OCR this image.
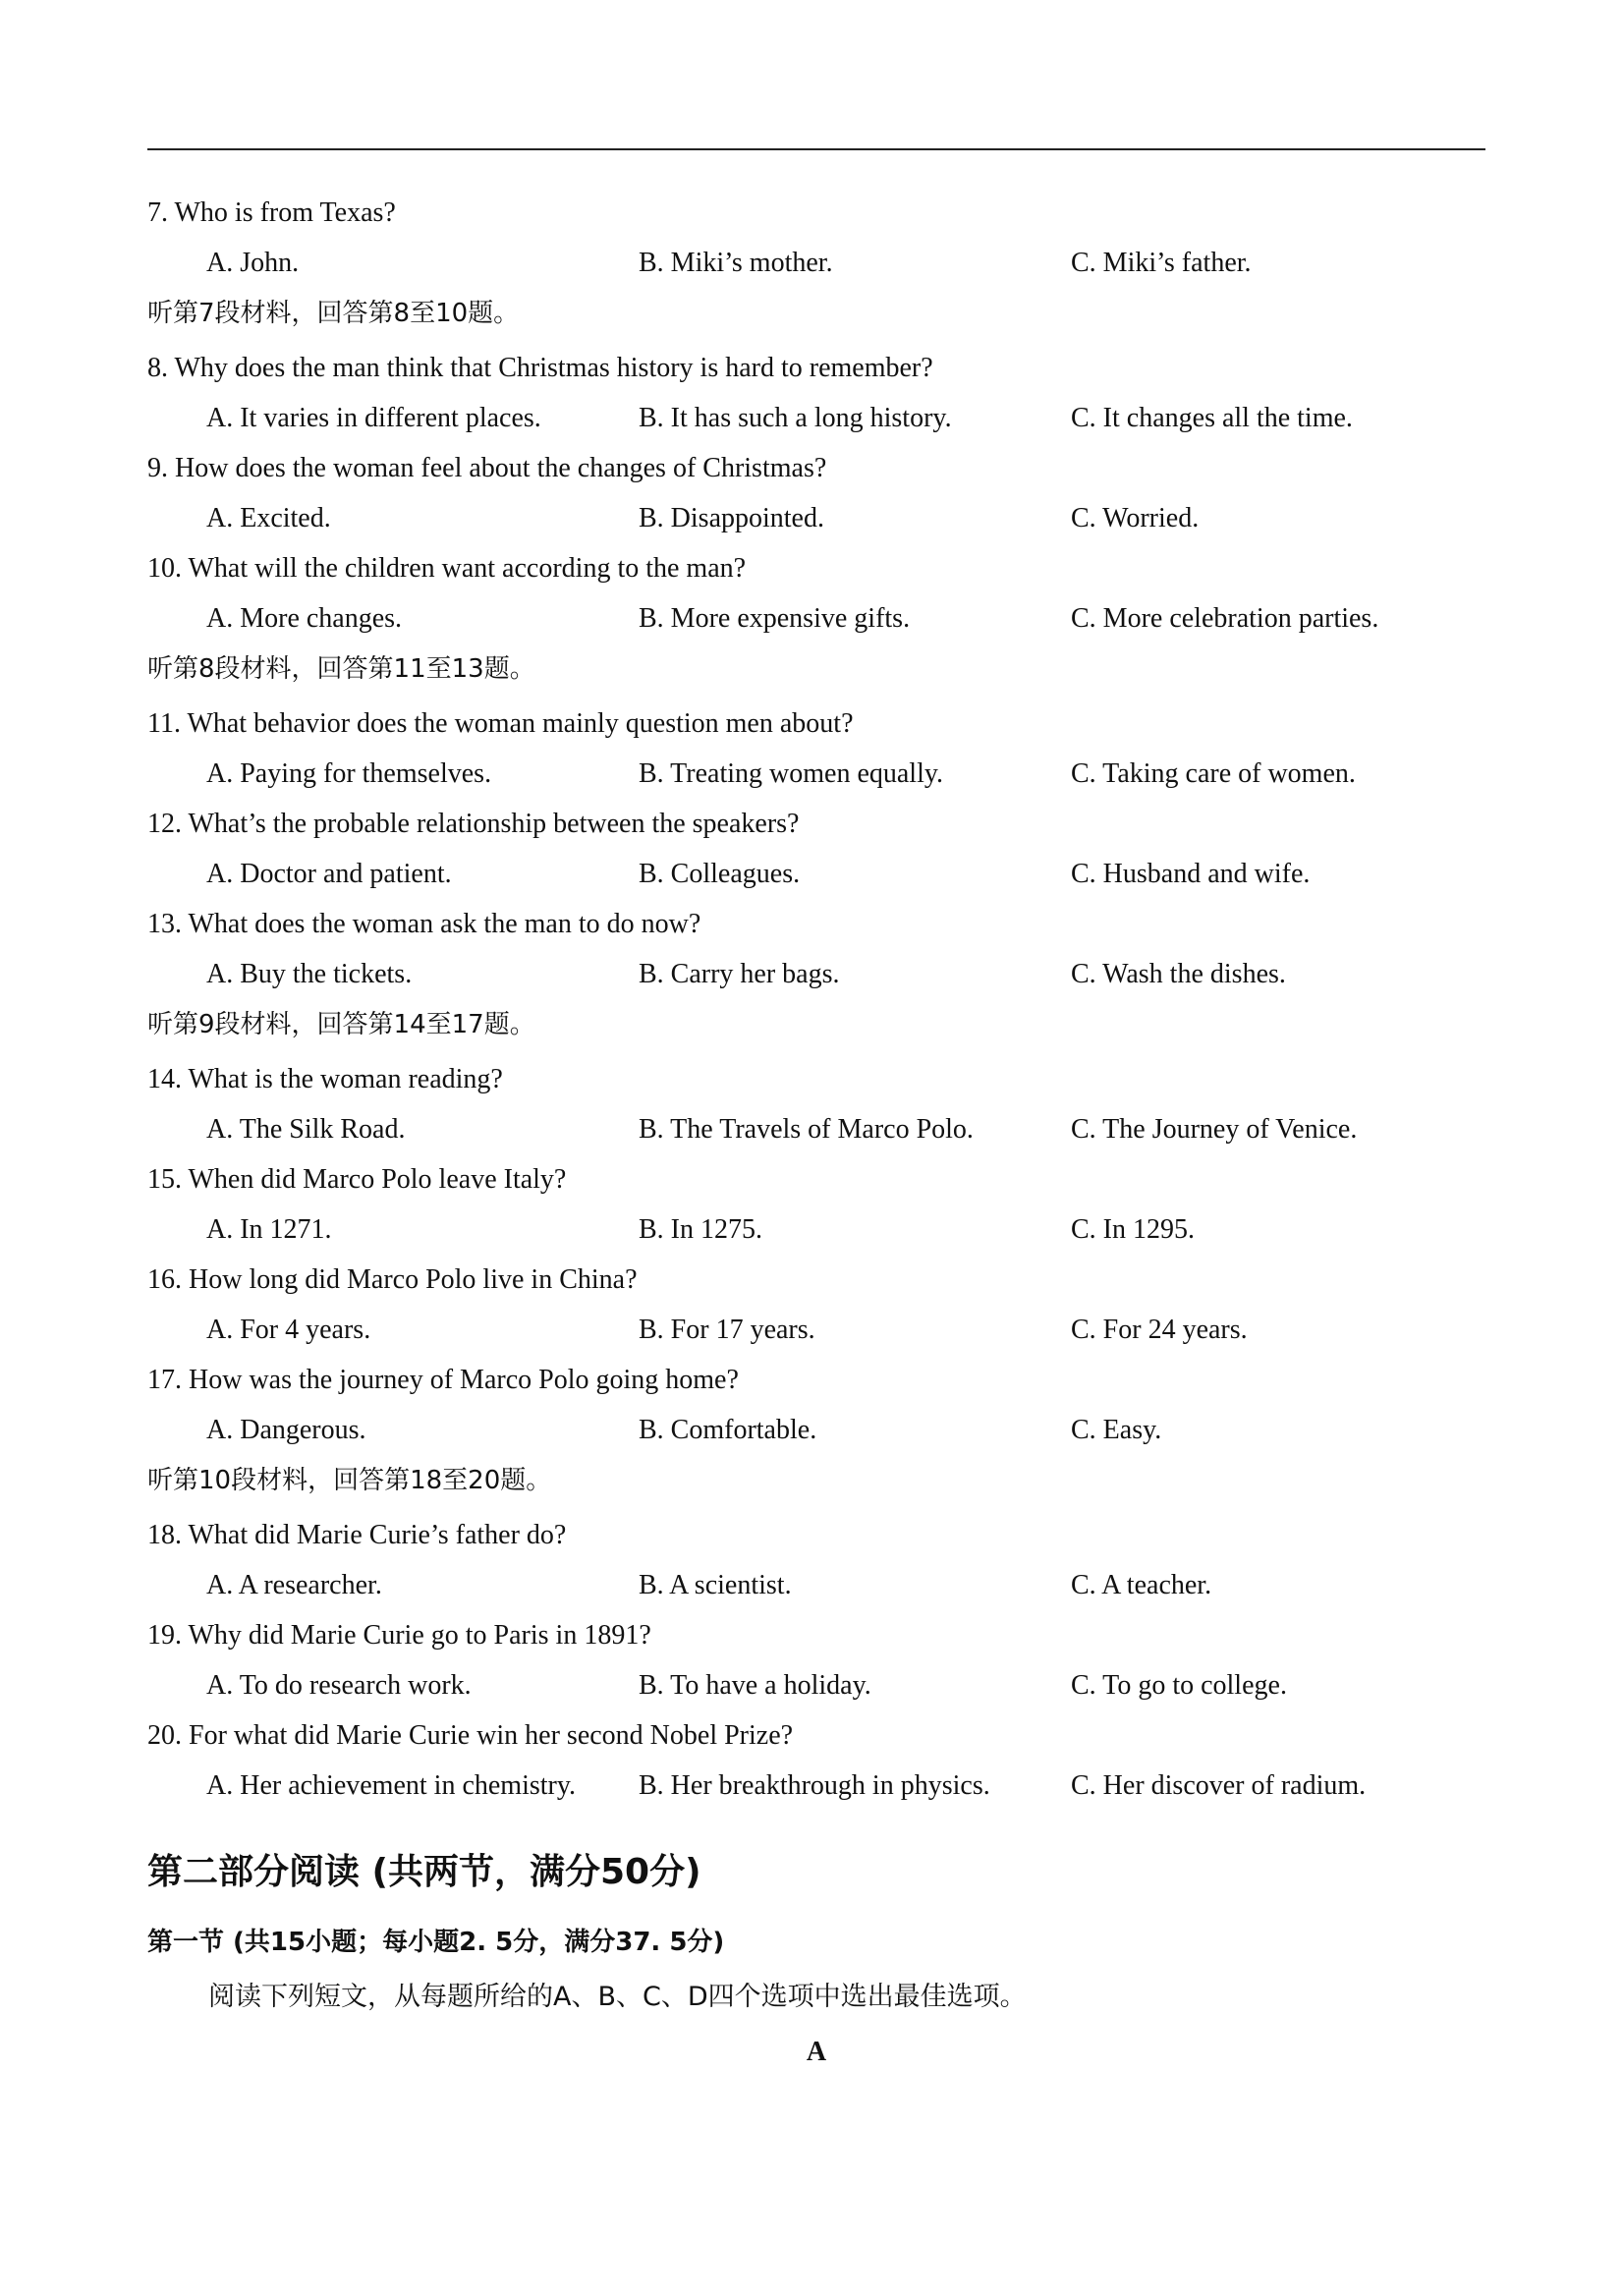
7. Who is from Texas?
A. John.	B. Miki’s mother.	C. Miki’s father.
听第7段材料，回答第8至10题。
8. Why does the man think that Christmas history is hard to remember?
A. It varies in different places.	B. It has such a long history.	C. It changes all the time.
9. How does the woman feel about the changes of Christmas?
A. Excited.	B. Disappointed.	C. Worried.
10. What will the children want according to the man?
A. More changes.	B. More expensive gifts.	C. More celebration parties.
听第8段材料，回答第11至13题。
11. What behavior does the woman mainly question men about?
A. Paying for themselves.	B. Treating women equally.	C. Taking care of women.
12. What’s the probable relationship between the speakers?
A. Doctor and patient.	B. Colleagues.	C. Husband and wife.
13. What does the woman ask the man to do now?
A. Buy the tickets.	B. Carry her bags.	C. Wash the dishes.
听第9段材料，回答第14至17题。
14. What is the woman reading?
A. The Silk Road.	B. The Travels of Marco Polo.	C. The Journey of Venice.
15. When did Marco Polo leave Italy?
A. In 1271.	B. In 1275.	C. In 1295.
16. How long did Marco Polo live in China?
A. For 4 years.	B. For 17 years.	C. For 24 years.
17. How was the journey of Marco Polo going home?
A. Dangerous.	B. Comfortable.	C. Easy.
听第10段材料，回答第18至20题。
18. What did Marie Curie’s father do?
A. A researcher.	B. A scientist.	C. A teacher.
19. Why did Marie Curie go to Paris in 1891?
A. To do research work.	B. To have a holiday.	C. To go to college.
20. For what did Marie Curie win her second Nobel Prize?
A. Her achievement in chemistry. B. Her breakthrough in physics.	C. Her discover of radium.
第二部分阅读 (共两节，满分50分)
第一节 (共15小题；每小题2. 5分，满分37. 5分)
阅读下列短文，从每题所给的A、B、C、D四个选项中选出最佳选项。
A
